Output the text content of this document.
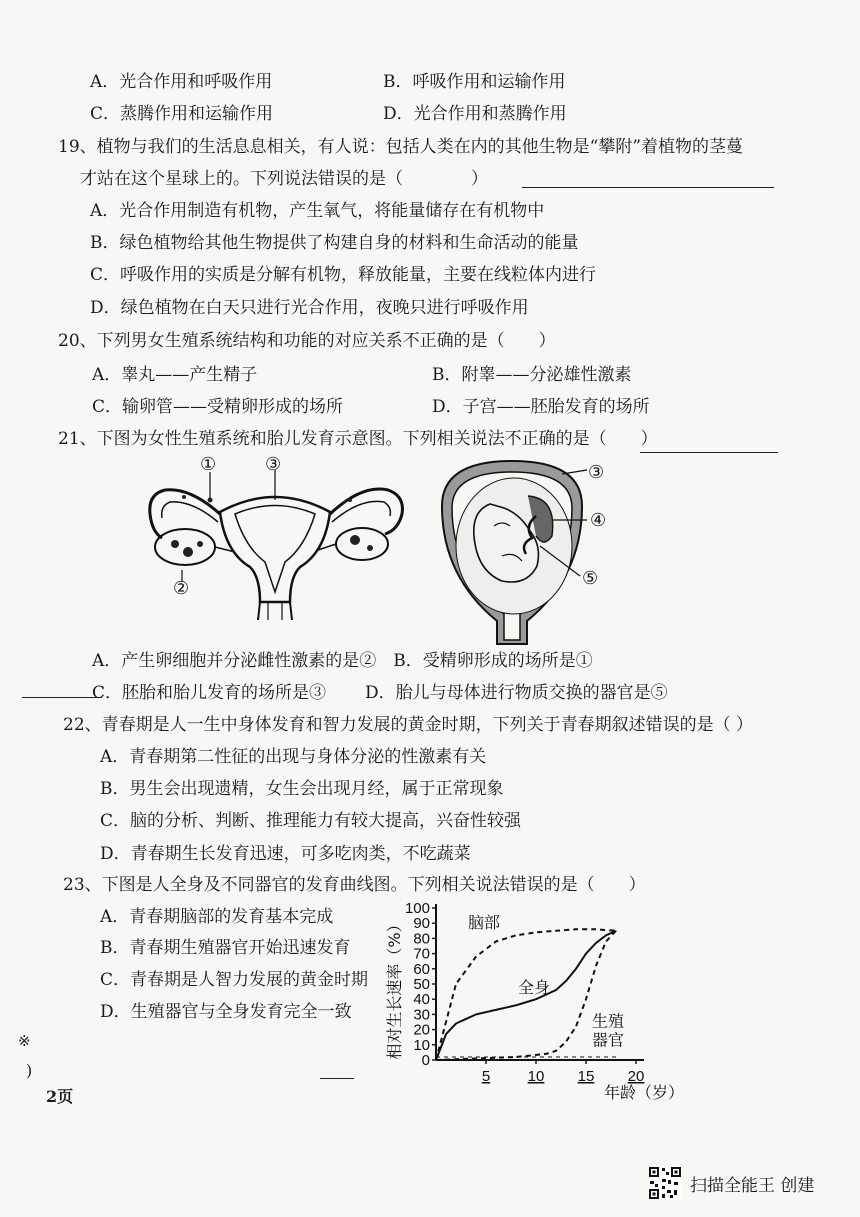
A．光合作用和呼吸作用	B．呼吸作用和运输作用
C．蒸腾作用和运输作用	D．光合作用和蒸腾作用
19、植物与我们的生活息息相关，有人说：包括人类在内的其他生物是“攀附”着植物的茎蔓
才站在这个星球上的。下列说法错误的是（　　　　）
A．光合作用制造有机物，产生氧气，将能量储存在有机物中
B．绿色植物给其他生物提供了构建自身的材料和生命活动的能量
C．呼吸作用的实质是分解有机物，释放能量，主要在线粒体内进行
D．绿色植物在白天只进行光合作用，夜晚只进行呼吸作用
20、下列男女生殖系统结构和功能的对应关系不正确的是（　　）
A．睾丸——产生精子	B．附睾——分泌雄性激素
C．输卵管——受精卵形成的场所	D．子宫——胚胎发育的场所
21、下图为女性生殖系统和胎儿发育示意图。下列相关说法不正确的是（　　）
①	③
②
③
④
⑤
A．产生卵细胞并分泌雌性激素的是②　B．受精卵形成的场所是①
C．胚胎和胎儿发育的场所是③ D．胎儿与母体进行物质交换的器官是⑤
22、青春期是人一生中身体发育和智力发展的黄金时期，下列关于青春期叙述错误的是（ ）
A．青春期第二性征的出现与身体分泌的性激素有关
B．男生会出现遗精，女生会出现月经，属于正常现象
C．脑的分析、判断、推理能力有较大提高，兴奋性较强
D．青春期生长发育迅速，可多吃肉类，不吃蔬菜
23、下图是人全身及不同器官的发育曲线图。下列相关说法错误的是（　　）
A．青春期脑部的发育基本完成
B．青春期生殖器官开始迅速发育
C．青春期是人智力发展的黄金时期
D．生殖器官与全身发育完全一致
0
10
20
30
40
50
60
70
80
90
100
5 10 15 20
相对生长速率（%）
年龄（岁）
脑部
全身
生殖
器官
※
)
2页
扫描全能王 创建
